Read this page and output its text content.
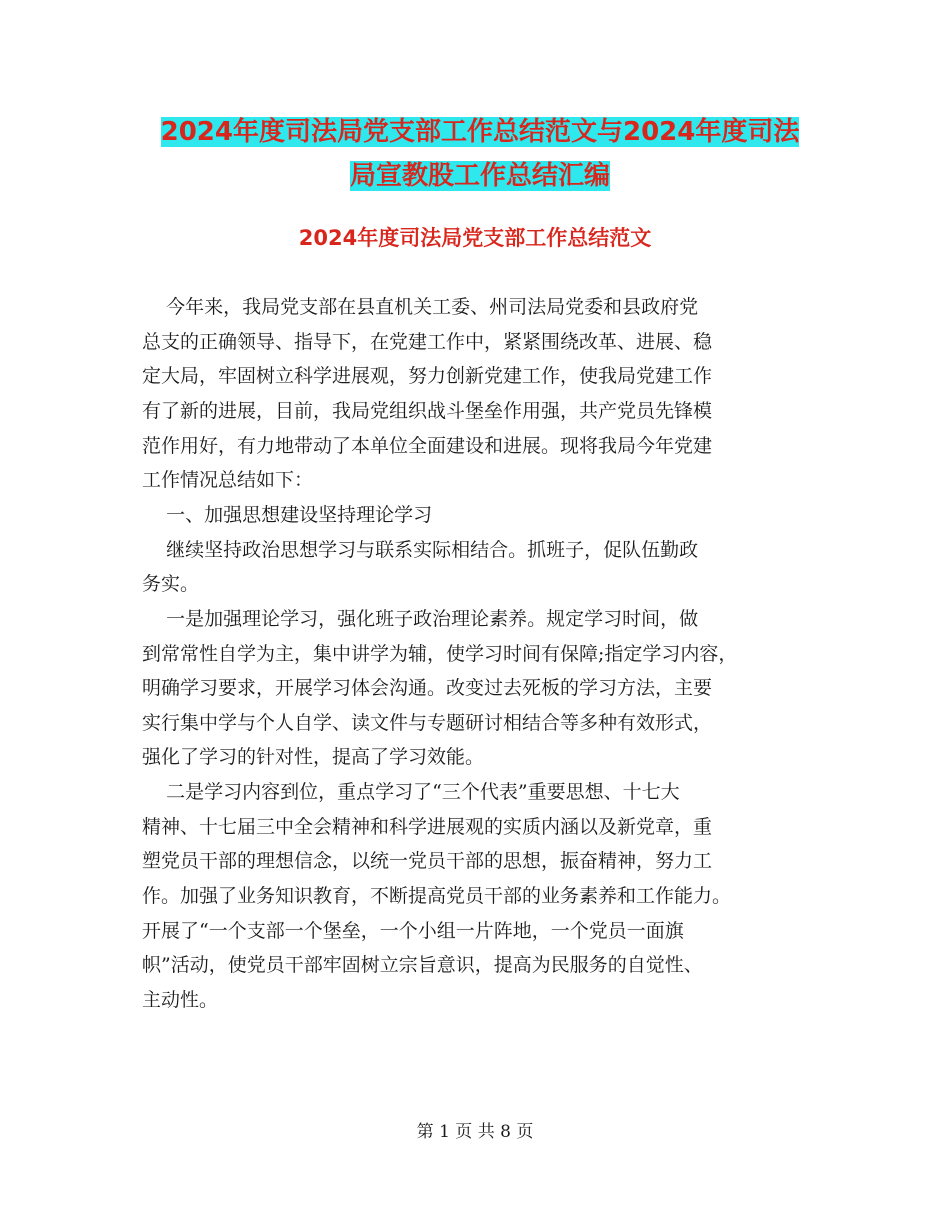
2024年度司法局党支部工作总结范文与2024年度司法
局宣教股工作总结汇编
2024年度司法局党支部工作总结范文
今年来，我局党支部在县直机关工委、州司法局党委和县政府党
总支的正确领导、指导下，在党建工作中，紧紧围绕改革、进展、稳
定大局，牢固树立科学进展观，努力创新党建工作，使我局党建工作
有了新的进展，目前，我局党组织战斗堡垒作用强，共产党员先锋模
范作用好，有力地带动了本单位全面建设和进展。现将我局今年党建
工作情况总结如下：
一、加强思想建设坚持理论学习
继续坚持政治思想学习与联系实际相结合。抓班子，促队伍勤政
务实。
一是加强理论学习，强化班子政治理论素养。规定学习时间，做
到常常性自学为主，集中讲学为辅，使学习时间有保障;指定学习内容，
明确学习要求，开展学习体会沟通。改变过去死板的学习方法，主要
实行集中学与个人自学、读文件与专题研讨相结合等多种有效形式，
强化了学习的针对性，提高了学习效能。
二是学习内容到位，重点学习了“三个代表”重要思想、十七大
精神、十七届三中全会精神和科学进展观的实质内涵以及新党章，重
塑党员干部的理想信念，以统一党员干部的思想，振奋精神，努力工
作。加强了业务知识教育，不断提高党员干部的业务素养和工作能力。
开展了“一个支部一个堡垒，一个小组一片阵地，一个党员一面旗
帜”活动，使党员干部牢固树立宗旨意识，提高为民服务的自觉性、
主动性。
第 1 页 共 8 页
